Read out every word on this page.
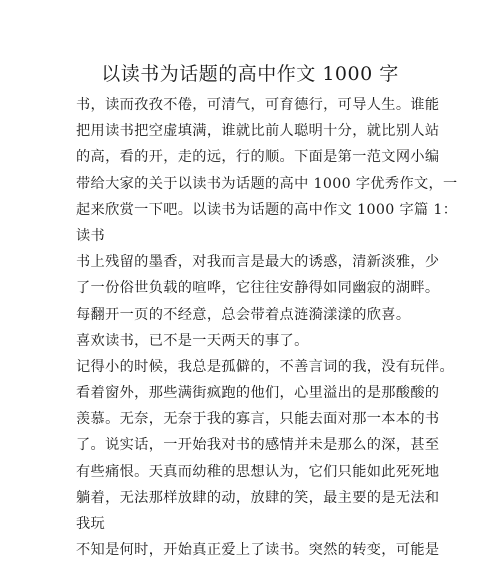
以读书为话题的高中作文 1000 字
书，读而孜孜不倦，可清气，可育德行，可导人生。谁能
把用读书把空虚填满，谁就比前人聪明十分，就比别人站
的高，看的开，走的远，行的顺。下面是第一范文网小编
带给大家的关于以读书为话题的高中 1000 字优秀作文，一
起来欣赏一下吧。以读书为话题的高中作文 1000 字篇 1：
读书
书上残留的墨香，对我而言是最大的诱惑，清新淡雅，少
了一份俗世负载的喧哗，它往往安静得如同幽寂的湖畔。
每翻开一页的不经意，总会带着点涟漪漾漾的欣喜。
喜欢读书，已不是一天两天的事了。
记得小的时候，我总是孤僻的，不善言词的我，没有玩伴。
看着窗外，那些满街疯跑的他们，心里溢出的是那酸酸的
羡慕。无奈，无奈于我的寡言，只能去面对那一本本的书
了。说实话，一开始我对书的感情并未是那么的深，甚至
有些痛恨。天真而幼稚的思想认为，它们只能如此死死地
躺着，无法那样放肆的动，放肆的笑，最主要的是无法和
我玩
不知是何时，开始真正爱上了读书。突然的转变，可能是
